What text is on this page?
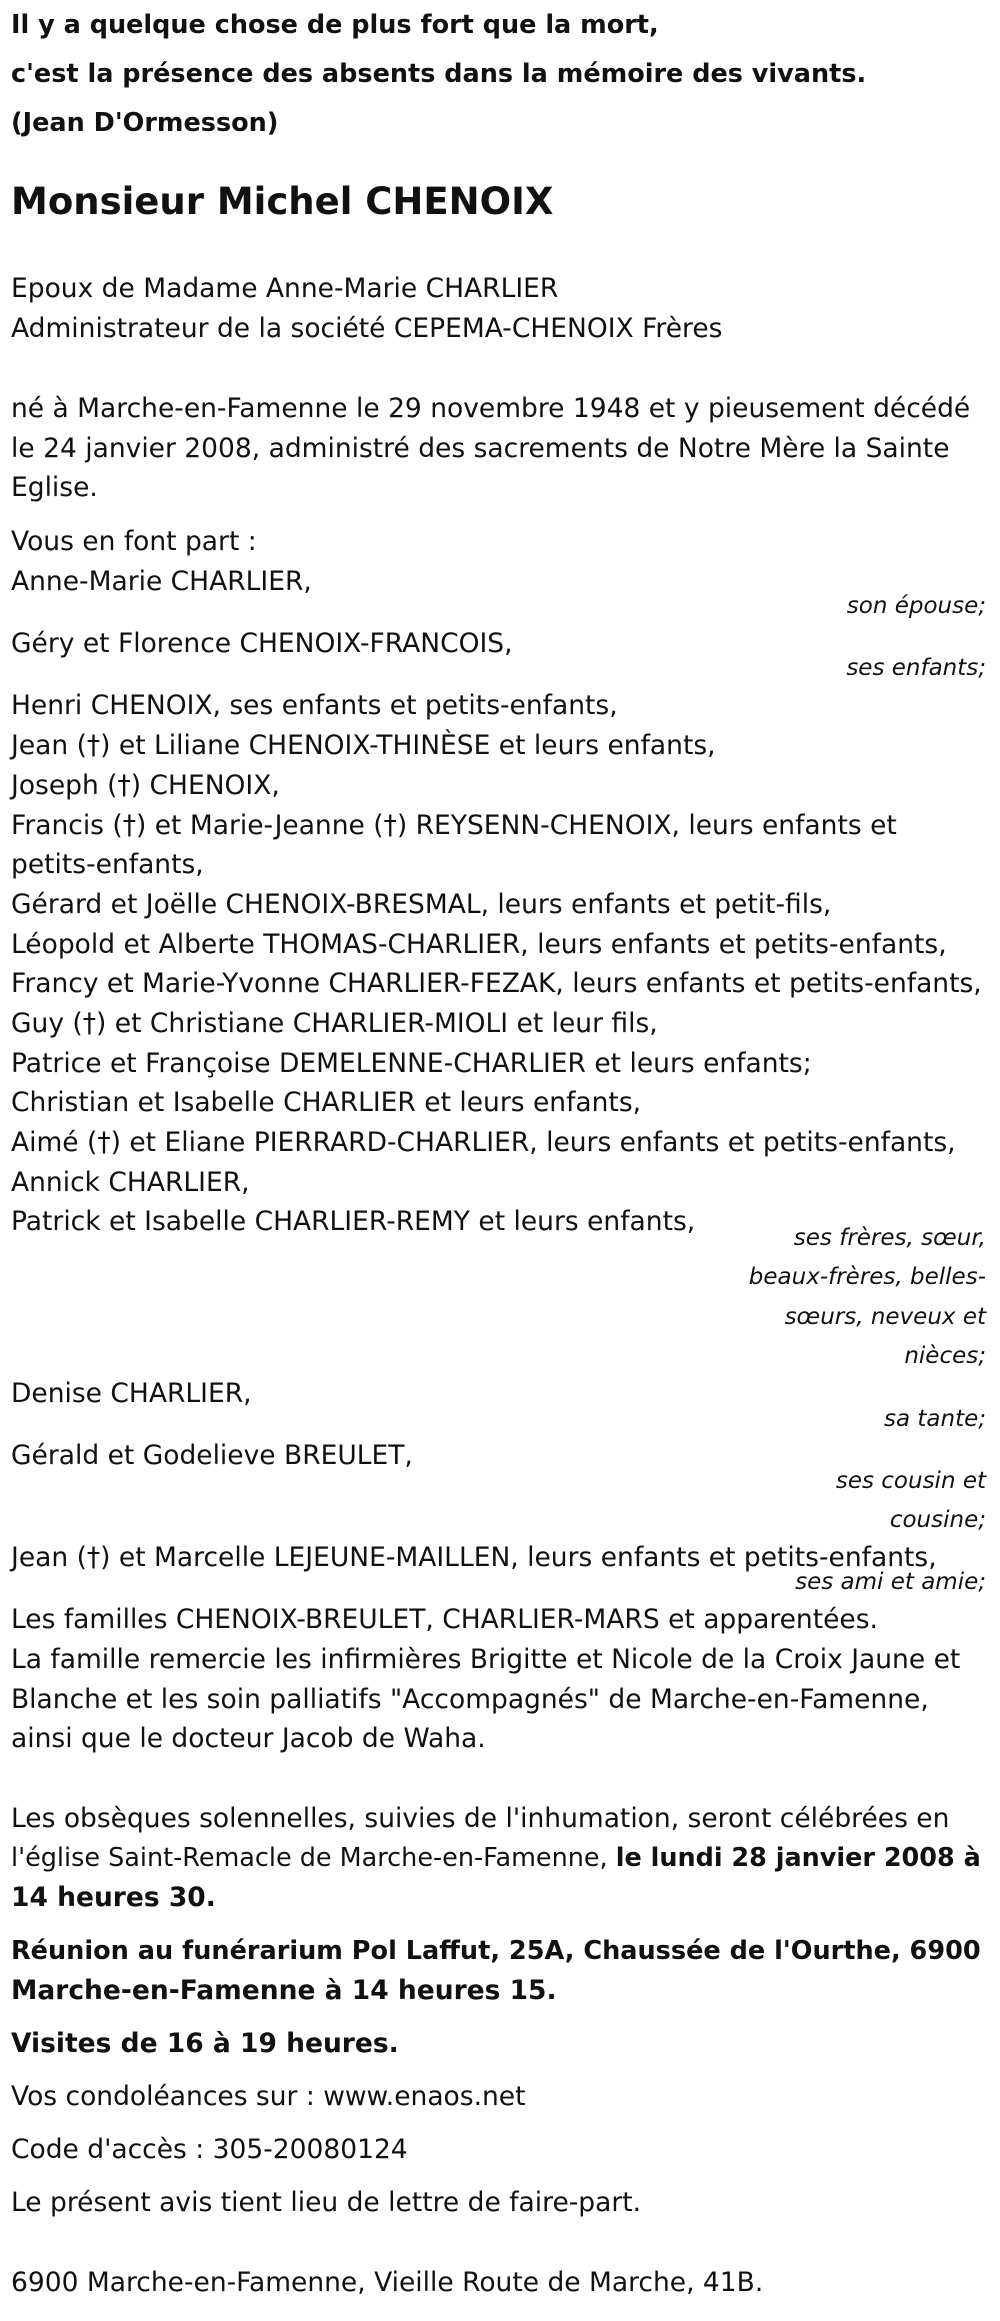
Il y a quelque chose de plus fort que la mort,
c'est la présence des absents dans la mémoire des vivants.
(Jean D'Ormesson)
Monsieur Michel CHENOIX
Epoux de Madame Anne-Marie CHARLIER
Administrateur de la société CEPEMA-CHENOIX Frères
né à Marche-en-Famenne le 29 novembre 1948 et y pieusement décédé
le 24 janvier 2008, administré des sacrements de Notre Mère la Sainte
Eglise.
Vous en font part :
Anne-Marie CHARLIER,
son épouse;
Géry et Florence CHENOIX-FRANCOIS,
ses enfants;
Henri CHENOIX, ses enfants et petits-enfants,
Jean (†) et Liliane CHENOIX-THINÈSE et leurs enfants,
Joseph (†) CHENOIX,
Francis (†) et Marie-Jeanne (†) REYSENN-CHENOIX, leurs enfants et
petits-enfants,
Gérard et Joëlle CHENOIX-BRESMAL, leurs enfants et petit-fils,
Léopold et Alberte THOMAS-CHARLIER, leurs enfants et petits-enfants,
Francy et Marie-Yvonne CHARLIER-FEZAK, leurs enfants et petits-enfants,
Guy (†) et Christiane CHARLIER-MIOLI et leur fils,
Patrice et Françoise DEMELENNE-CHARLIER et leurs enfants;
Christian et Isabelle CHARLIER et leurs enfants,
Aimé (†) et Eliane PIERRARD-CHARLIER, leurs enfants et petits-enfants,
Annick CHARLIER,
Patrick et Isabelle CHARLIER-REMY et leurs enfants,
ses frères, sœur,
beaux-frères, belles-
sœurs, neveux et
nièces;
Denise CHARLIER,
sa tante;
Gérald et Godelieve BREULET,
ses cousin et
cousine;
Jean (†) et Marcelle LEJEUNE-MAILLEN, leurs enfants et petits-enfants,
ses ami et amie;
Les familles CHENOIX-BREULET, CHARLIER-MARS et apparentées.
La famille remercie les infirmières Brigitte et Nicole de la Croix Jaune et
Blanche et les soin palliatifs "Accompagnés" de Marche-en-Famenne,
ainsi que le docteur Jacob de Waha.
Les obsèques solennelles, suivies de l'inhumation, seront célébrées en
l'église Saint-Remacle de Marche-en-Famenne, le lundi 28 janvier 2008 à
14 heures 30.
Réunion au funérarium Pol Laffut, 25A, Chaussée de l'Ourthe, 6900
Marche-en-Famenne à 14 heures 15.
Visites de 16 à 19 heures.
Vos condoléances sur : www.enaos.net
Code d'accès : 305-20080124
Le présent avis tient lieu de lettre de faire-part.
6900 Marche-en-Famenne, Vieille Route de Marche, 41B.
